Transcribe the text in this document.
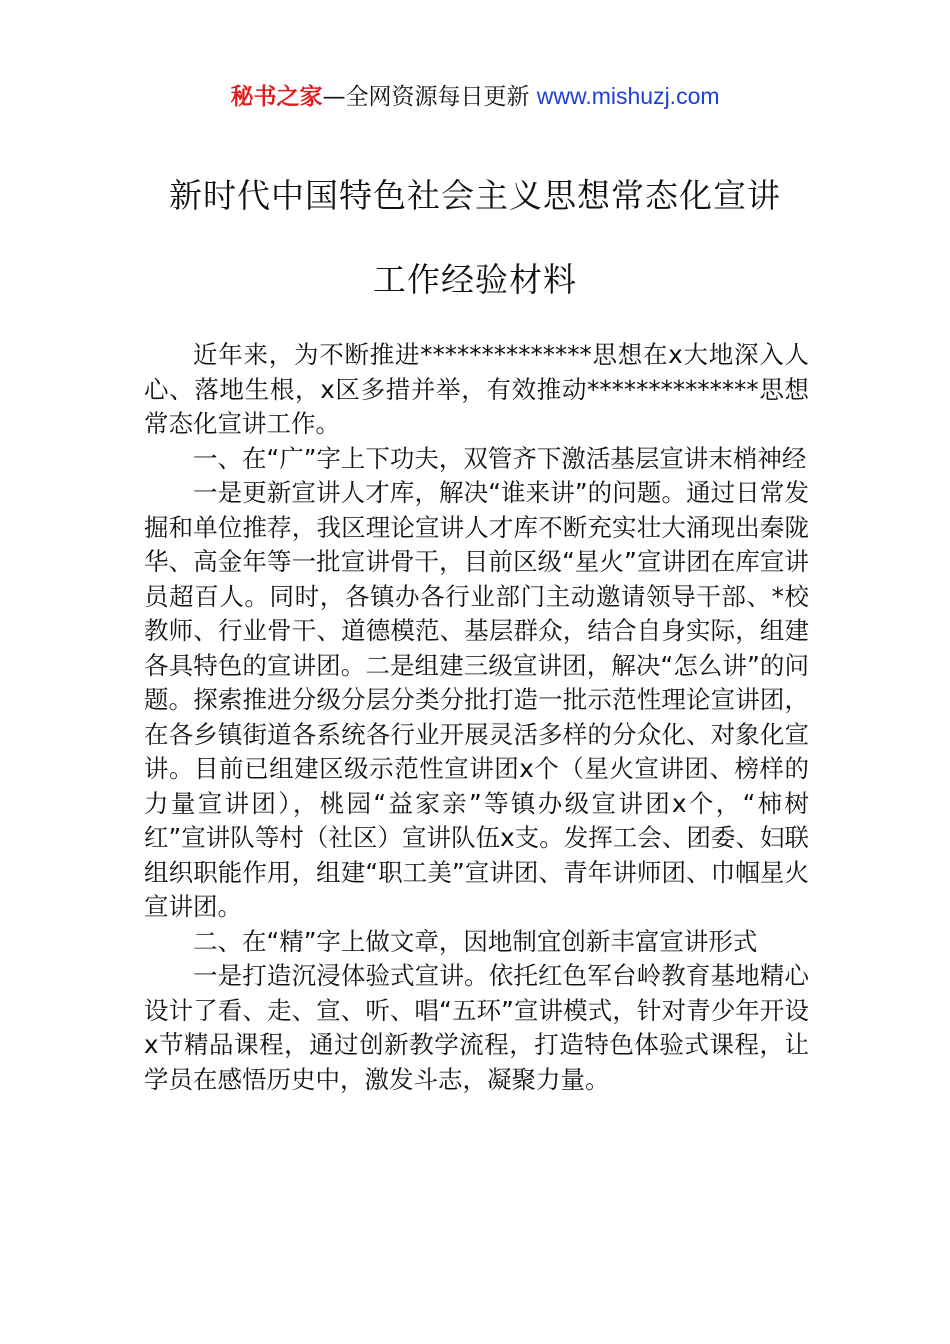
秘书之家—全网资源每日更新 www.mishuzj.com
新时代中国特色社会主义思想常态化宣讲
工作经验材料

近年来，为不断推进**************思想在x大地深入人心、落地生根，x区多措并举，有效推动**************思想常态化宣讲工作。

一、在“广”字上下功夫，双管齐下激活基层宣讲末梢神经

一是更新宣讲人才库，解决“谁来讲”的问题。通过日常发掘和单位推荐，我区理论宣讲人才库不断充实壮大涌现出秦陇华、高金年等一批宣讲骨干，目前区级“星火”宣讲团在库宣讲员超百人。同时，各镇办各行业部门主动邀请领导干部、*校教师、行业骨干、道德模范、基层群众，结合自身实际，组建各具特色的宣讲团。二是组建三级宣讲团，解决“怎么讲”的问题。探索推进分级分层分类分批打造一批示范性理论宣讲团，在各乡镇街道各系统各行业开展灵活多样的分众化、对象化宣讲。目前已组建区级示范性宣讲团x个（星火宣讲团、榜样的力量宣讲团），桃园“益家亲”等镇办级宣讲团x个，“柿树红”宣讲队等村（社区）宣讲队伍x支。发挥工会、团委、妇联组织职能作用，组建“职工美”宣讲团、青年讲师团、巾帼星火宣讲团。

二、在“精”字上做文章，因地制宜创新丰富宣讲形式

一是打造沉浸体验式宣讲。依托红色军台岭教育基地精心设计了看、走、宣、听、唱“五环”宣讲模式，针对青少年开设x节精品课程，通过创新教学流程，打造特色体验式课程，让学员在感悟历史中，激发斗志，凝聚力量。
